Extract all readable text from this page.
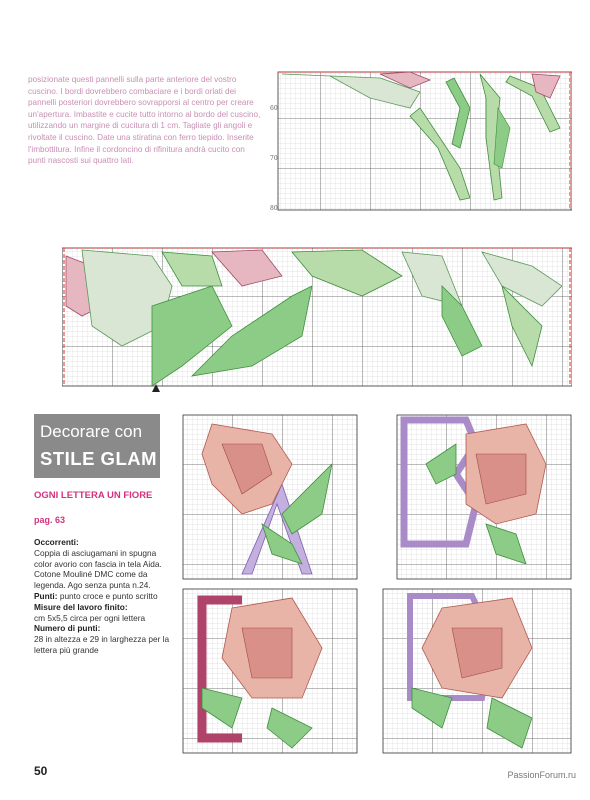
posizionate questi pannelli sulla parte anteriore del vostro cuscino. I bordi dovrebbero combaciare e i bordi orlati dei pannelli posteriori dovrebbero sovrapporsi al centro per creare un'apertura. Imbastite e cucite tutto intorno al bordo del cuscino, utilizzando un margine di cucitura di 1 cm. Tagliate gli angoli e rivoltate il cuscino. Date una stiratina con ferro tiepido. Inserite l'imbottitura. Infine il cordoncino di rifinitura andrà cucito con punti nascosti sui quattro lati.
60
70
80
Decorare con
STILE GLAM
OGNI LETTERA UN FIORE
pag. 63
Occorrenti:
Coppia di asciugamani in spugna color avorio con fascia in tela Aida. Cotone Mouliné DMC come da legenda. Ago senza punta n.24.
Punti: punto croce e punto scritto
Misure del lavoro finito:
cm 5x5,5 circa per ogni lettera
Numero di punti:
28 in altezza e 29 in larghezza per la lettera più grande
50	PassionForum.ru
